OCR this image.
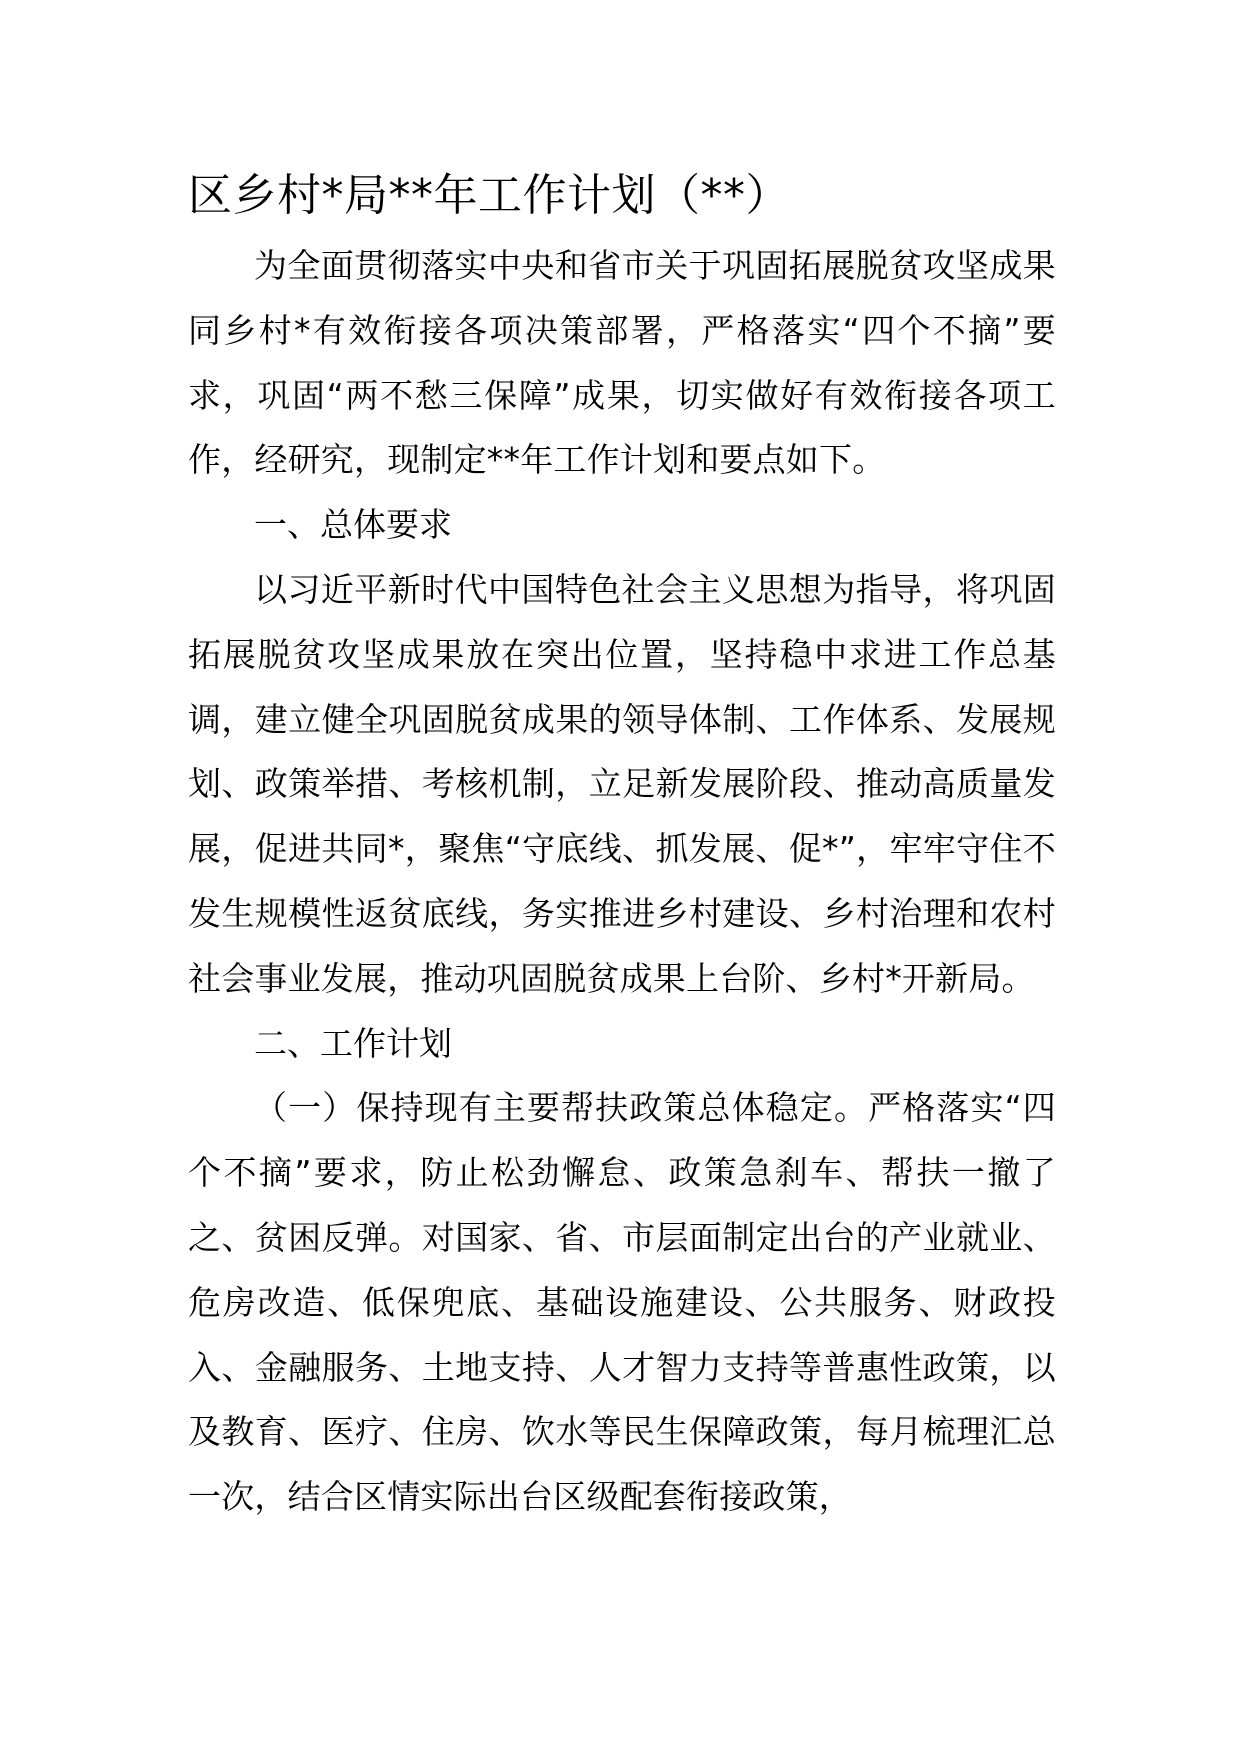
区乡村*局**年工作计划（**）

为全面贯彻落实中央和省市关于巩固拓展脱贫攻坚成果同乡村*有效衔接各项决策部署，严格落实“四个不摘”要求，巩固“两不愁三保障”成果，切实做好有效衔接各项工作，经研究，现制定**年工作计划和要点如下。

一、总体要求

以习近平新时代中国特色社会主义思想为指导，将巩固拓展脱贫攻坚成果放在突出位置，坚持稳中求进工作总基调，建立健全巩固脱贫成果的领导体制、工作体系、发展规划、政策举措、考核机制，立足新发展阶段、推动高质量发展，促进共同*，聚焦“守底线、抓发展、促*”，牢牢守住不发生规模性返贫底线，务实推进乡村建设、乡村治理和农村社会事业发展，推动巩固脱贫成果上台阶、乡村*开新局。

二、工作计划

（一）保持现有主要帮扶政策总体稳定。严格落实“四个不摘”要求，防止松劲懈怠、政策急刹车、帮扶一撤了之、贫困反弹。对国家、省、市层面制定出台的产业就业、危房改造、低保兜底、基础设施建设、公共服务、财政投入、金融服务、土地支持、人才智力支持等普惠性政策，以及教育、医疗、住房、饮水等民生保障政策，每月梳理汇总一次，结合区情实际出台区级配套衔接政策，
